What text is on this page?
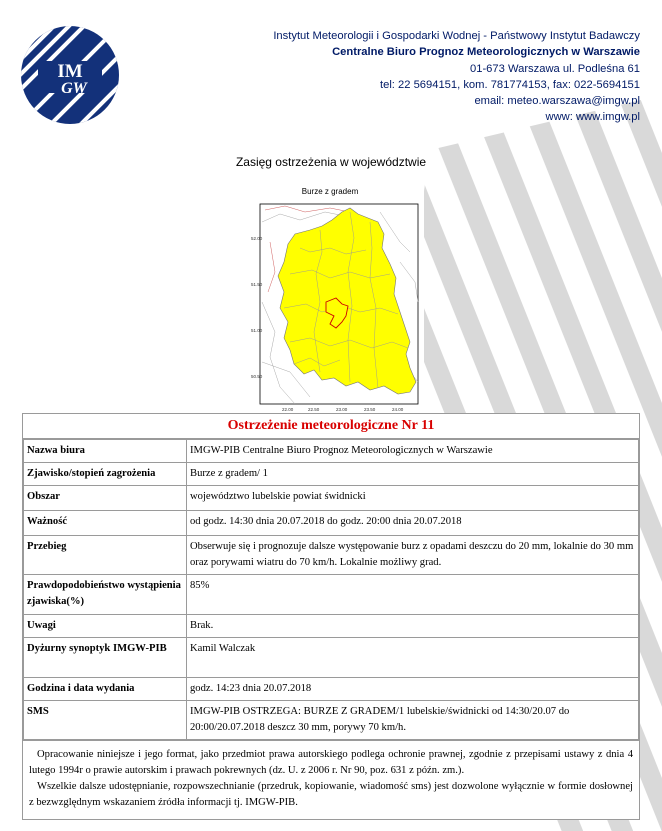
IM
GW
Instytut Meteorologii i Gospodarki Wodnej - Państwowy Instytut Badawczy
Centralne Biuro Prognoz Meteorologicznych w Warszawie
01-673 Warszawa ul. Podleśna 61
tel: 22 5694151, kom. 781774153, fax: 022-5694151
email: meteo.warszawa@imgw.pl
www: www.imgw.pl
Zasięg ostrzeżenia w województwie
Burze z gradem
52.00
51.50
51.00
50.50
22.00	22.50	23.00	23.50	24.00
Ostrzeżenie meteorologiczne Nr 11
Nazwa biura	IMGW-PIB Centralne Biuro Prognoz Meteorologicznych w Warszawie
Zjawisko/stopień zagrożenia	Burze z gradem/ 1
Obszar	województwo lubelskie powiat świdnicki
Ważność	od godz. 14:30 dnia 20.07.2018 do godz. 20:00 dnia 20.07.2018
Przebieg	Obserwuje się i prognozuje dalsze występowanie burz z opadami deszczu do 20 mm, lokalnie do 30 mm oraz porywami wiatru do 70 km/h. Lokalnie możliwy grad.
Prawdopodobieństwo wystąpienia zjawiska(%)	85%
Uwagi	Brak.
Dyżurny synoptyk IMGW-PIB	Kamil Walczak
Godzina i data wydania	godz. 14:23 dnia 20.07.2018
SMS	IMGW-PIB OSTRZEGA: BURZE Z GRADEM/1 lubelskie/świdnicki od 14:30/20.07 do 20:00/20.07.2018 deszcz 30 mm, porywy 70 km/h.
Opracowanie niniejsze i jego format, jako przedmiot prawa autorskiego podlega ochronie prawnej, zgodnie z przepisami ustawy z dnia 4 lutego 1994r o prawie autorskim i prawach pokrewnych (dz. U. z 2006 r. Nr 90, poz. 631 z późn. zm.).
Wszelkie dalsze udostępnianie, rozpowszechnianie (przedruk, kopiowanie, wiadomość sms) jest dozwolone wyłącznie w formie dosłownej z bezwzględnym wskazaniem źródła informacji tj. IMGW-PIB.
